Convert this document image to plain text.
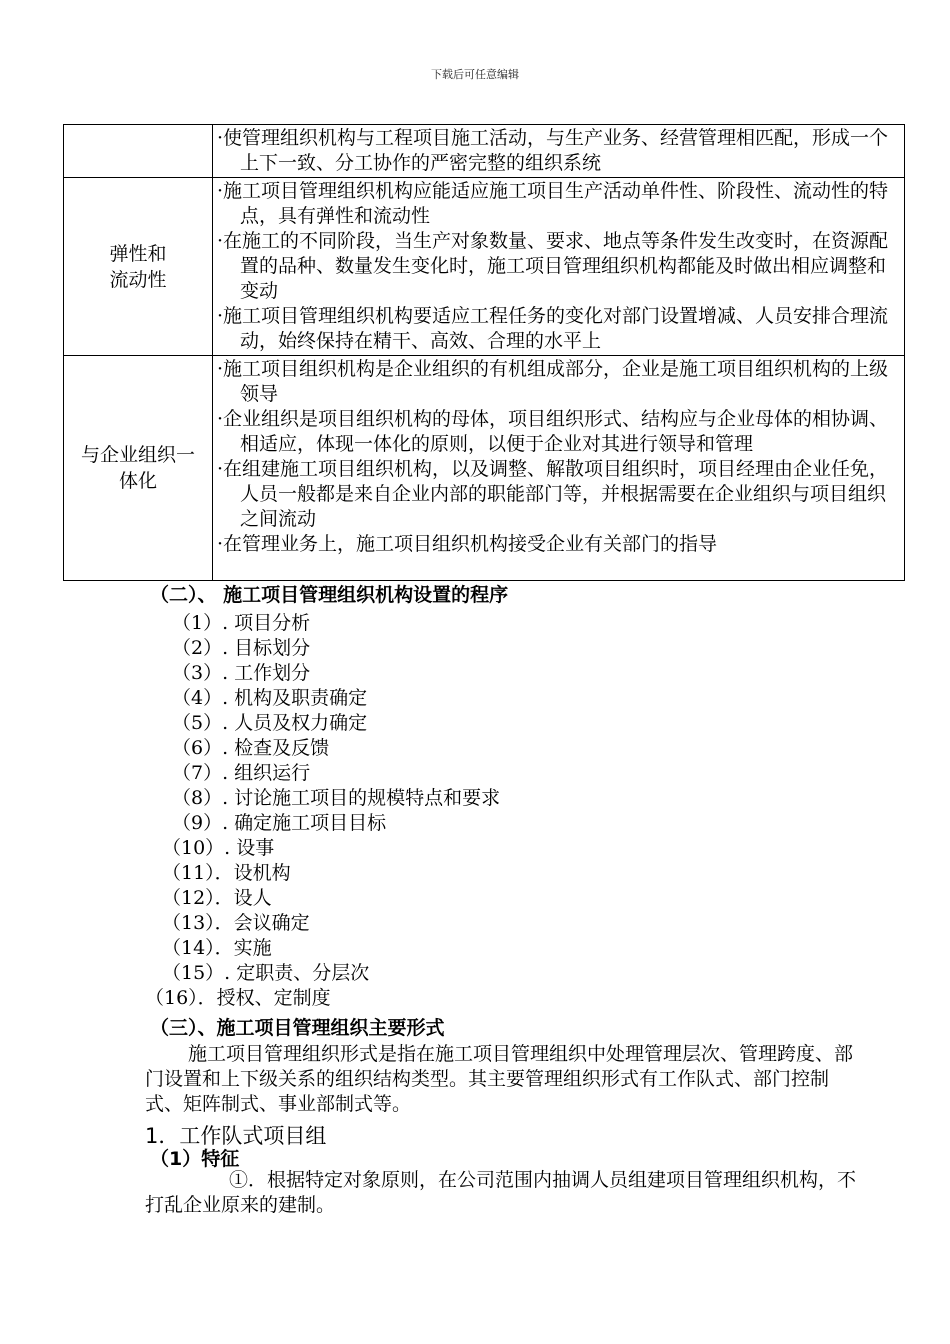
下载后可任意编辑

	·使管理组织机构与工程项目施工活动，与生产业务、经营管理相匹配，形成一个上下一致、分工协作的严密完整的组织系统

弹性和流动性	·施工项目管理组织机构应能适应施工项目生产活动单件性、阶段性、流动性的特点，具有弹性和流动性
·在施工的不同阶段，当生产对象数量、要求、地点等条件发生改变时，在资源配置的品种、数量发生变化时，施工项目管理组织机构都能及时做出相应调整和变动
·施工项目管理组织机构要适应工程任务的变化对部门设置增减、人员安排合理流动，始终保持在精干、高效、合理的水平上

与企业组织一体化	·施工项目组织机构是企业组织的有机组成部分，企业是施工项目组织机构的上级领导
·企业组织是项目组织机构的母体，项目组织形式、结构应与企业母体的相协调、相适应，体现一体化的原则，以便于企业对其进行领导和管理
·在组建施工项目组织机构，以及调整、解散项目组织时，项目经理由企业任免，人员一般都是来自企业内部的职能部门等，并根据需要在企业组织与项目组织之间流动
·在管理业务上，施工项目组织机构接受企业有关部门的指导
（二）、 施工项目管理组织机构设置的程序
（1）. 项目分析
（2）. 目标划分
（3）. 工作划分
（4）. 机构及职责确定
（5）. 人员及权力确定
（6）. 检查及反馈
（7）. 组织运行
（8）. 讨论施工项目的规模特点和要求
（9）. 确定施工项目目标
（10）. 设事
（11）．设机构
（12）．设人
（13）．会议确定
（14）．实施
（15）. 定职责、分层次
（16）．授权、定制度
（三）、施工项目管理组织主要形式
施工项目管理组织形式是指在施工项目管理组织中处理管理层次、管理跨度、部门设置和上下级关系的组织结构类型。其主要管理组织形式有工作队式、部门控制式、矩阵制式、事业部制式等。
1．工作队式项目组
（1）特征
①．根据特定对象原则，在公司范围内抽调人员组建项目管理组织机构，不打乱企业原来的建制。
